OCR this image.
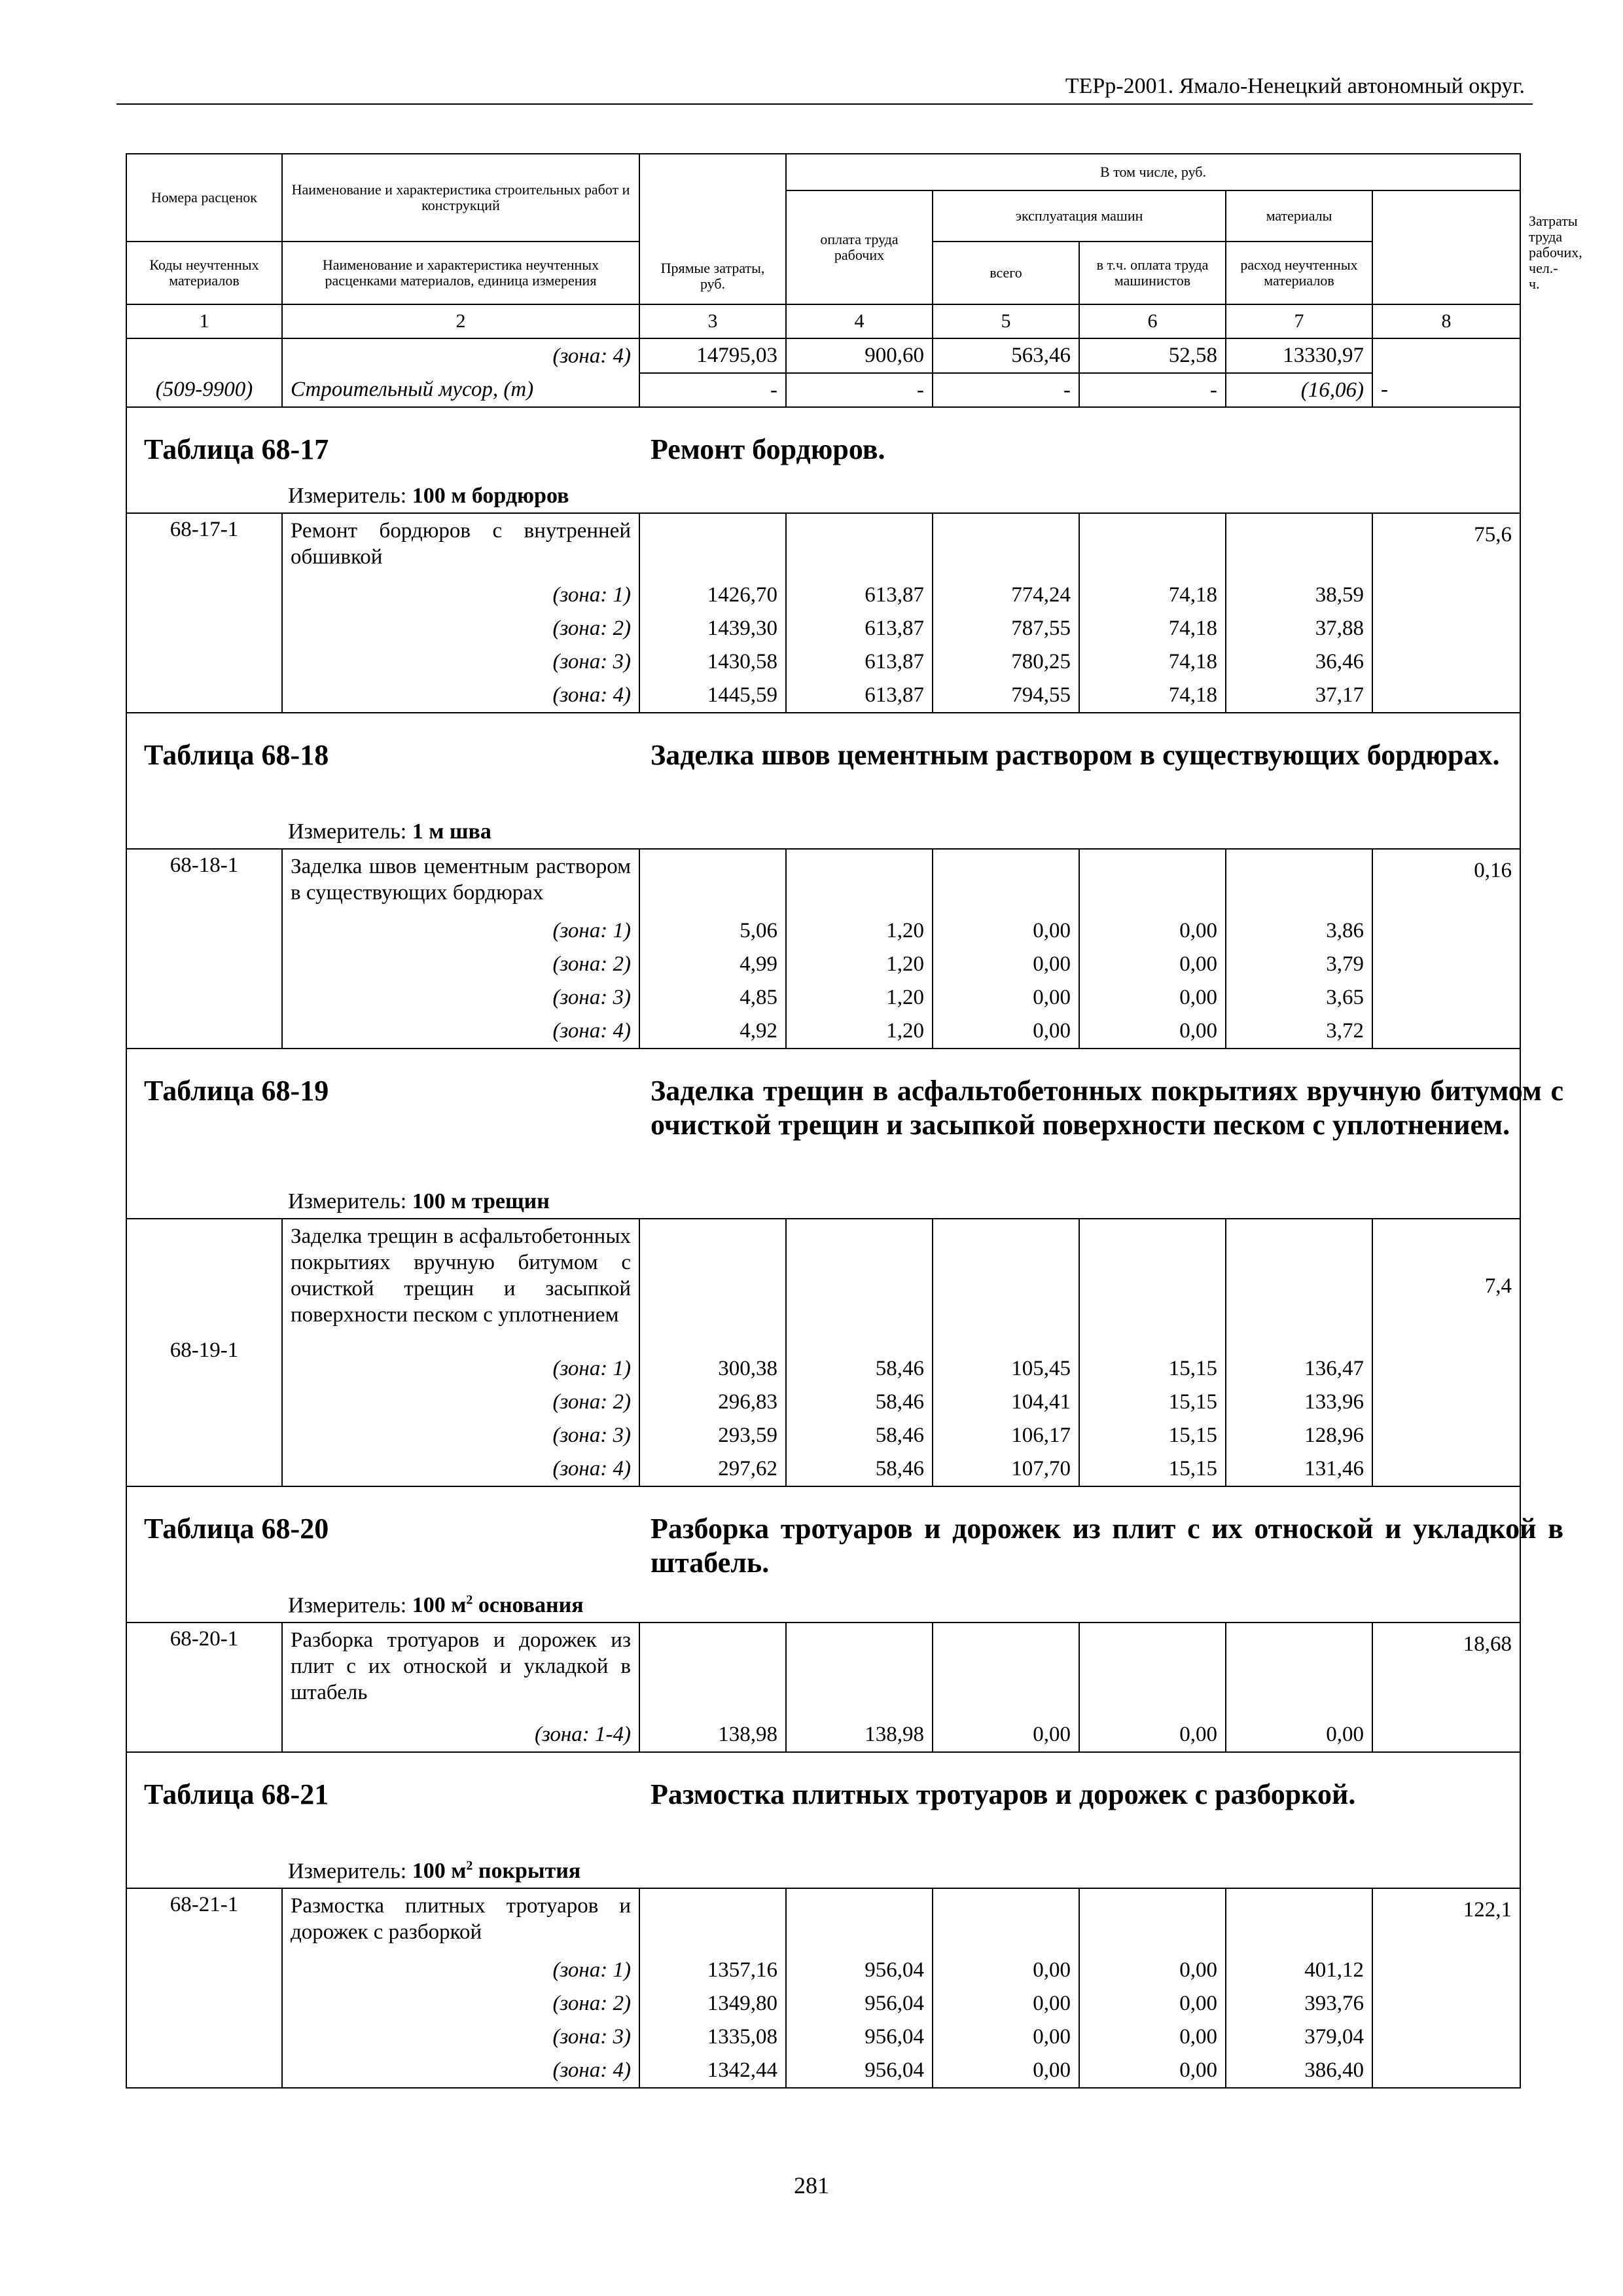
ТЕРр-2001. Ямало-Ненецкий автономный округ.
Номера расценок	Наименование и характеристика строительных работ и конструкций	Прямые затраты, руб.	В том числе, руб.					Затраты труда рабочих, чел.-ч.
			оплата труда рабочих	эксплуатация машин		материалы		
Коды неучтенных материалов	Наименование и характеристика неучтенных расценками материалов, единица измерения			всего	в т.ч. оплата труда машинистов	расход неучтенных материалов		
1	2	3	4	5	6	7	8	
	(зона: 4)	14795,03	900,60	563,46	52,58	13330,97		
(509-9900)	Строительный мусор, (т)	-	-	-	-	(16,06)	-	

Таблица 68-17 Ремонт бордюров.
Измеритель: 100 м бордюров								

68-17-1	Ремонт бордюров с внутренней обшивкой						75,6	
	(зона: 1)	1426,70	613,87	774,24	74,18	38,59		
	(зона: 2)	1439,30	613,87	787,55	74,18	37,88		
	(зона: 3)	1430,58	613,87	780,25	74,18	36,46		
	(зона: 4)	1445,59	613,87	794,55	74,18	37,17		

Таблица 68-18 Заделка швов цементным раствором в существующих бордюрах.
Измеритель: 1 м шва								

68-18-1	Заделка швов цементным раствором в существующих бордюрах						0,16	
	(зона: 1)	5,06	1,20	0,00	0,00	3,86		
	(зона: 2)	4,99	1,20	0,00	0,00	3,79		
	(зона: 3)	4,85	1,20	0,00	0,00	3,65		
	(зона: 4)	4,92	1,20	0,00	0,00	3,72		

Таблица 68-19 Заделка трещин в асфальтобетонных покрытиях вручную битумом с очисткой трещин и засыпкой поверхности песком с уплотнением.
Измеритель: 100 м трещин								

68-19-1	Заделка трещин в асфальтобетонных покрытиях вручную битумом с очисткой трещин и засыпкой поверхности песком с уплотнением						7,4	
	(зона: 1)	300,38	58,46	105,45	15,15	136,47		
	(зона: 2)	296,83	58,46	104,41	15,15	133,96		
	(зона: 3)	293,59	58,46	106,17	15,15	128,96		
	(зона: 4)	297,62	58,46	107,70	15,15	131,46		

Таблица 68-20 Разборка тротуаров и дорожек из плит с их отноской и укладкой в штабель.
Измеритель: 100 $м^2$ основания								

68-20-1	Разборка тротуаров и дорожек из плит с их отноской и укладкой в штабель						18,68	
	(зона: 1-4)	138,98	138,98	0,00	0,00	0,00		

Таблица 68-21 Размостка плитных тротуаров и дорожек с разборкой.
Измеритель: 100 $м^2$ покрытия								

68-21-1	Размостка плитных тротуаров и дорожек с разборкой						122,1	
	(зона: 1)	1357,16	956,04	0,00	0,00	401,12		
	(зона: 2)	1349,80	956,04	0,00	0,00	393,76		
	(зона: 3)	1335,08	956,04	0,00	0,00	379,04		
	(зона: 4)	1342,44	956,04	0,00	0,00	386,40		
281
